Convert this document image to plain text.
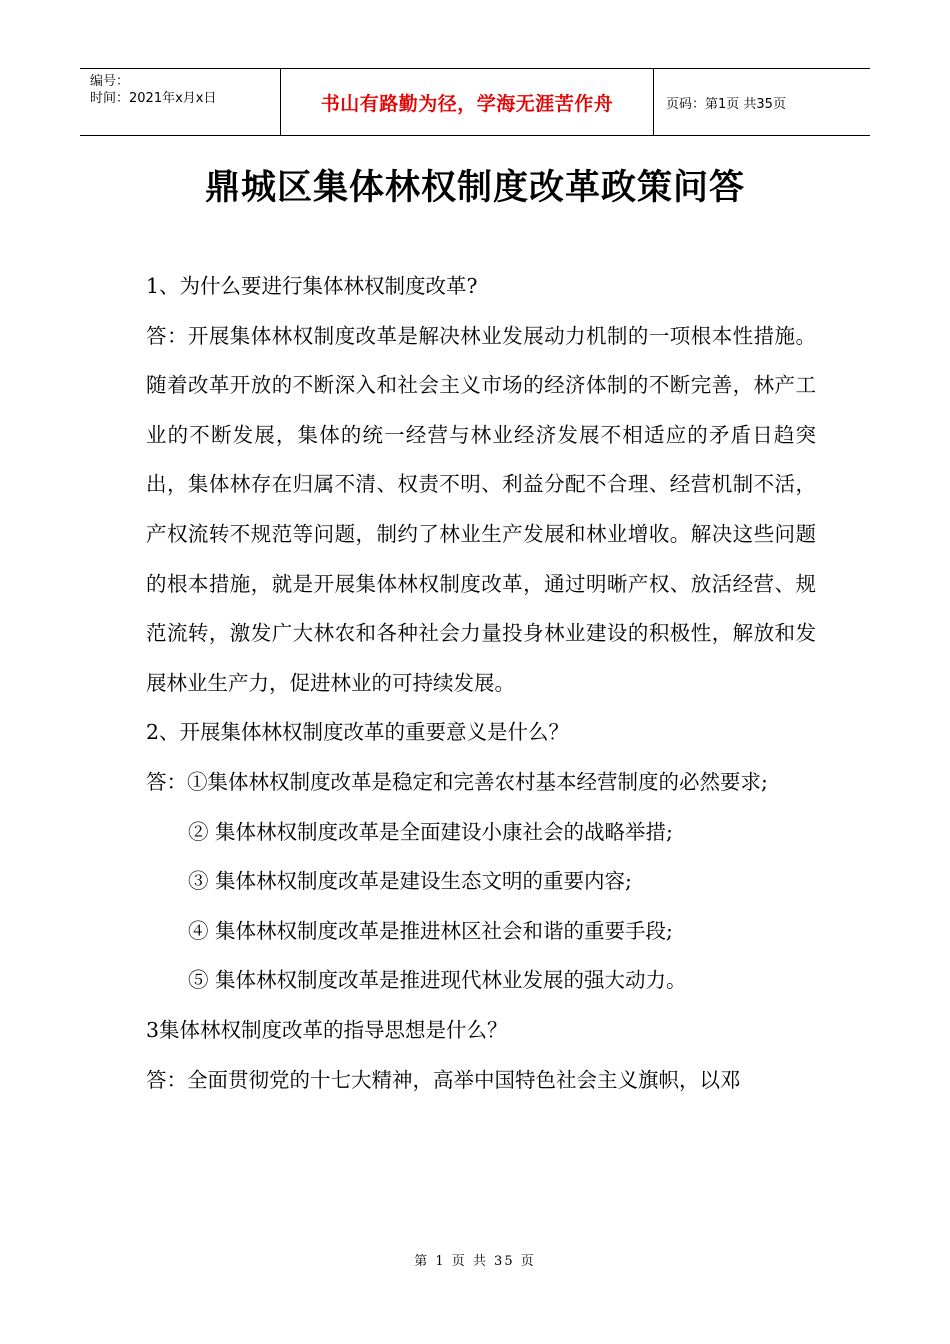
编号：
时间：2021年x月x日	书山有路勤为径，学海无涯苦作舟	页码：第1页 共35页
鼎城区集体林权制度改革政策问答

1、为什么要进行集体林权制度改革?

答：开展集体林权制度改革是解决林业发展动力机制的一项根本性措施。随着改革开放的不断深入和社会主义市场的经济体制的不断完善，林产工业的不断发展，集体的统一经营与林业经济发展不相适应的矛盾日趋突出，集体林存在归属不清、权责不明、利益分配不合理、经营机制不活，产权流转不规范等问题，制约了林业生产发展和林业增收。解决这些问题的根本措施，就是开展集体林权制度改革，通过明晰产权、放活经营、规范流转，激发广大林农和各种社会力量投身林业建设的积极性，解放和发展林业生产力，促进林业的可持续发展。

2、开展集体林权制度改革的重要意义是什么？

答：①集体林权制度改革是稳定和完善农村基本经营制度的必然要求;

② 集体林权制度改革是全面建设小康社会的战略举措;

③ 集体林权制度改革是建设生态文明的重要内容;

④ 集体林权制度改革是推进林区社会和谐的重要手段;

⑤ 集体林权制度改革是推进现代林业发展的强大动力。

3集体林权制度改革的指导思想是什么？

答：全面贯彻党的十七大精神，高举中国特色社会主义旗帜，以邓

第 1 页 共 35 页
